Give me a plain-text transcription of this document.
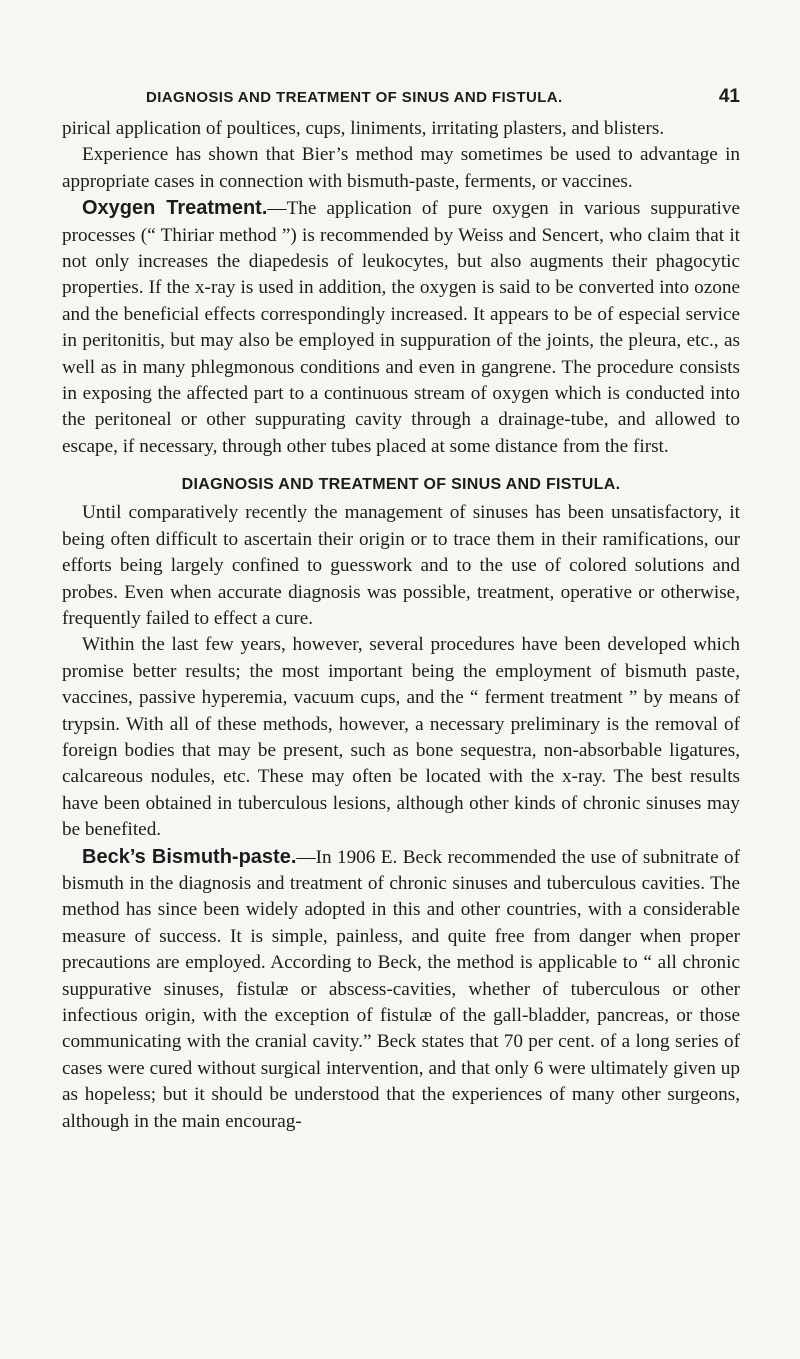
DIAGNOSIS AND TREATMENT OF SINUS AND FISTULA.	41

pirical application of poultices, cups, liniments, irritating plasters, and blisters.

Experience has shown that Bier’s method may sometimes be used to advantage in appropriate cases in connection with bismuth-paste, ferments, or vaccines.

Oxygen Treatment.—The application of pure oxygen in various suppurative processes (“ Thiriar method ”) is recommended by Weiss and Sencert, who claim that it not only increases the diapedesis of leukocytes, but also augments their phagocytic properties. If the x-ray is used in addition, the oxygen is said to be converted into ozone and the beneficial effects correspondingly increased. It appears to be of especial service in peritonitis, but may also be employed in suppuration of the joints, the pleura, etc., as well as in many phlegmonous conditions and even in gangrene. The procedure consists in exposing the affected part to a continuous stream of oxygen which is conducted into the peritoneal or other suppurating cavity through a drainage-tube, and allowed to escape, if necessary, through other tubes placed at some distance from the first.

DIAGNOSIS AND TREATMENT OF SINUS AND FISTULA.

Until comparatively recently the management of sinuses has been unsatisfactory, it being often difficult to ascertain their origin or to trace them in their ramifications, our efforts being largely confined to guesswork and to the use of colored solutions and probes. Even when accurate diagnosis was possible, treatment, operative or otherwise, frequently failed to effect a cure.

Within the last few years, however, several procedures have been developed which promise better results; the most important being the employment of bismuth paste, vaccines, passive hyperemia, vacuum cups, and the “ ferment treatment ” by means of trypsin. With all of these methods, however, a necessary preliminary is the removal of foreign bodies that may be present, such as bone sequestra, non-absorbable ligatures, calcareous nodules, etc. These may often be located with the x-ray. The best results have been obtained in tuberculous lesions, although other kinds of chronic sinuses may be benefited.

Beck’s Bismuth-paste.—In 1906 E. Beck recommended the use of subnitrate of bismuth in the diagnosis and treatment of chronic sinuses and tuberculous cavities. The method has since been widely adopted in this and other countries, with a considerable measure of success. It is simple, painless, and quite free from danger when proper precautions are employed. According to Beck, the method is applicable to “ all chronic suppurative sinuses, fistulæ or abscess-cavities, whether of tuberculous or other infectious origin, with the exception of fistulæ of the gall-bladder, pancreas, or those communicating with the cranial cavity.” Beck states that 70 per cent. of a long series of cases were cured without surgical intervention, and that only 6 were ultimately given up as hopeless; but it should be understood that the experiences of many other surgeons, although in the main encourag-
